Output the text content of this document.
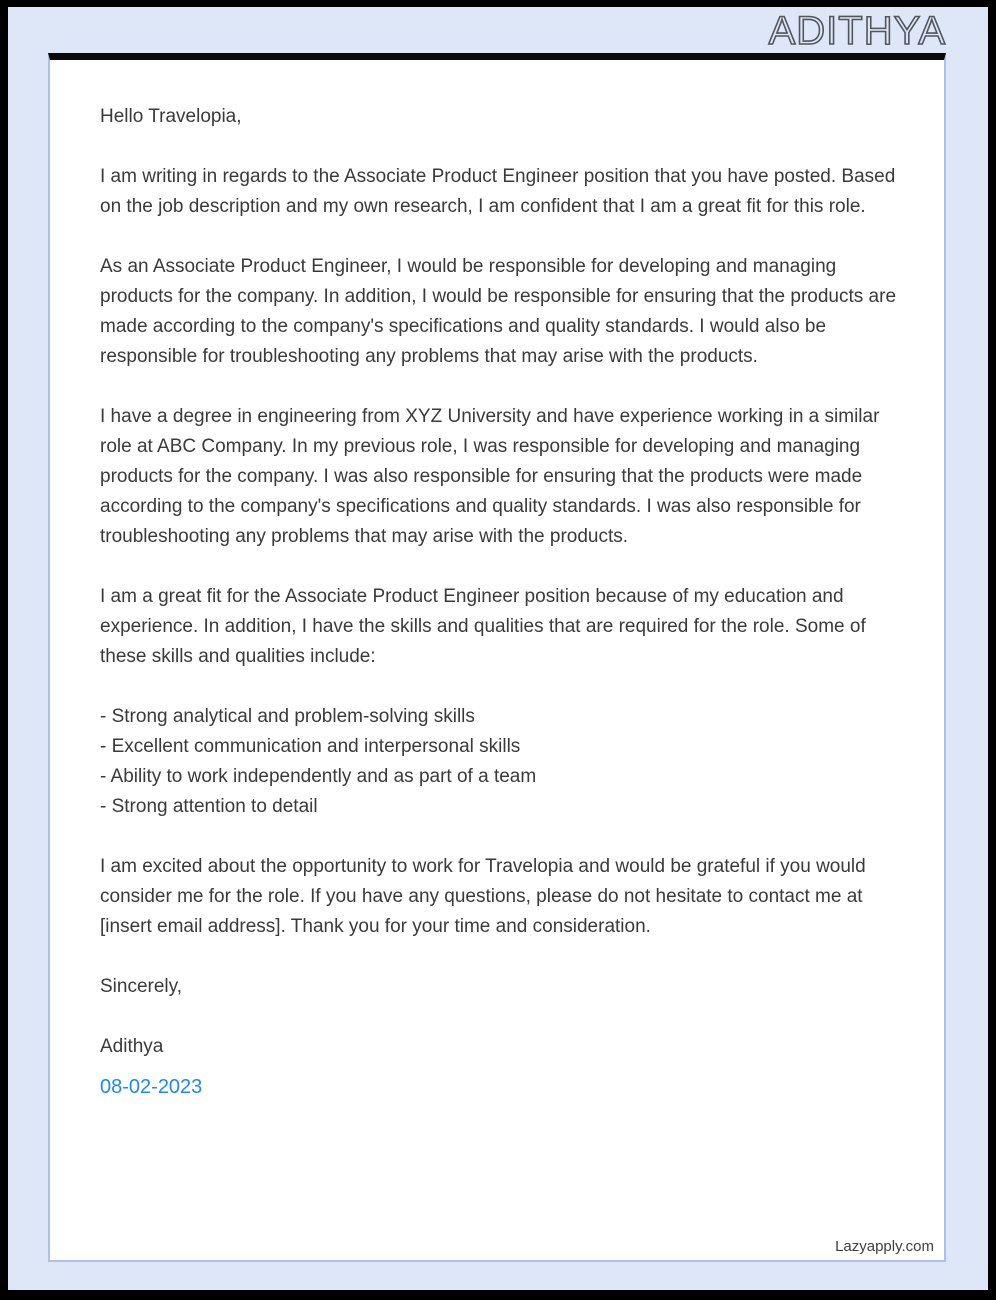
ADITHYA

Hello Travelopia,

I am writing in regards to the Associate Product Engineer position that you have posted. Based on the job description and my own research, I am confident that I am a great fit for this role.

As an Associate Product Engineer, I would be responsible for developing and managing products for the company. In addition, I would be responsible for ensuring that the products are made according to the company's specifications and quality standards. I would also be responsible for troubleshooting any problems that may arise with the products.

I have a degree in engineering from XYZ University and have experience working in a similar role at ABC Company. In my previous role, I was responsible for developing and managing products for the company. I was also responsible for ensuring that the products were made according to the company's specifications and quality standards. I was also responsible for troubleshooting any problems that may arise with the products.

I am a great fit for the Associate Product Engineer position because of my education and experience. In addition, I have the skills and qualities that are required for the role. Some of these skills and qualities include:

- Strong analytical and problem-solving skills
- Excellent communication and interpersonal skills
- Ability to work independently and as part of a team
- Strong attention to detail

I am excited about the opportunity to work for Travelopia and would be grateful if you would consider me for the role. If you have any questions, please do not hesitate to contact me at [insert email address]. Thank you for your time and consideration.

Sincerely,

Adithya

08-02-2023
Lazyapply.com
